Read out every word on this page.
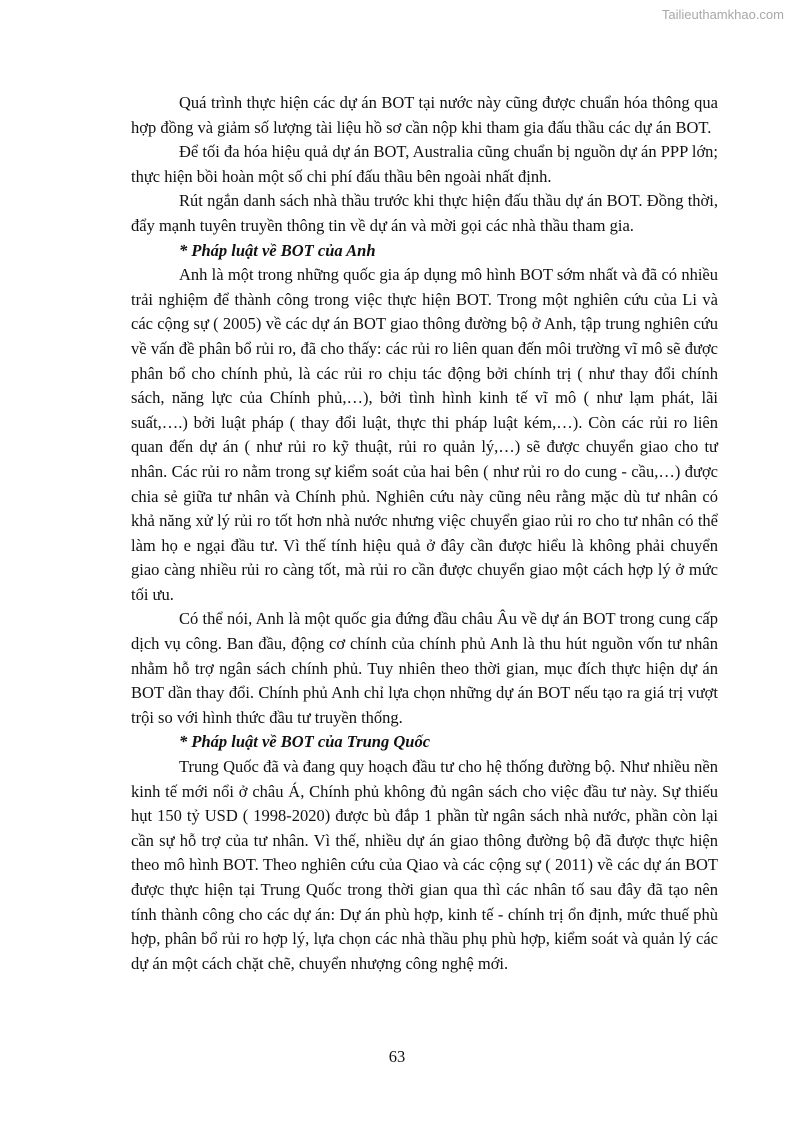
Tailieuthamkhao.com

Quá trình thực hiện các dự án BOT tại nước này cũng được chuẩn hóa thông qua hợp đồng và giảm số lượng tài liệu hồ sơ cần nộp khi tham gia đấu thầu các dự án BOT.

Để tối đa hóa hiệu quả dự án BOT, Australia cũng chuẩn bị nguồn dự án PPP lớn; thực hiện bồi hoàn một số chi phí đấu thầu bên ngoài nhất định.

Rút ngắn danh sách nhà thầu trước khi thực hiện đấu thầu dự án BOT. Đồng thời, đẩy mạnh tuyên truyền thông tin về dự án và mời gọi các nhà thầu tham gia.

* Pháp luật về BOT của Anh

Anh là một trong những quốc gia áp dụng mô hình BOT sớm nhất và đã có nhiều trải nghiệm để thành công trong việc thực hiện BOT. Trong một nghiên cứu của Li và các cộng sự ( 2005) về các dự án BOT giao thông đường bộ ở Anh, tập trung nghiên cứu về vấn đề phân bổ rủi ro, đã cho thấy: các rủi ro liên quan đến môi trường vĩ mô sẽ được phân bổ cho chính phủ, là các rủi ro chịu tác động bởi chính trị ( như thay đổi chính sách, năng lực của Chính phủ,…), bởi tình hình kinh tế vĩ mô ( như lạm phát, lãi suất,….) bởi luật pháp ( thay đổi luật, thực thi pháp luật kém,…). Còn các rủi ro liên quan đến dự án ( như rủi ro kỹ thuật, rủi ro quản lý,…) sẽ được chuyển giao cho tư nhân. Các rủi ro nằm trong sự kiểm soát của hai bên ( như rủi ro do cung - cầu,…) được chia sẻ giữa tư nhân và Chính phủ. Nghiên cứu này cũng nêu rằng mặc dù tư nhân có khả năng xử lý rủi ro tốt hơn nhà nước nhưng việc chuyển giao rủi ro cho tư nhân có thể làm họ e ngại đầu tư. Vì thế tính hiệu quả ở đây cần được hiểu là không phải chuyển giao càng nhiều rủi ro càng tốt, mà rủi ro cần được chuyển giao một cách hợp lý ở mức tối ưu.

Có thể nói, Anh là một quốc gia đứng đầu châu Âu về dự án BOT trong cung cấp dịch vụ công. Ban đầu, động cơ chính của chính phủ Anh là thu hút nguồn vốn tư nhân nhằm hỗ trợ ngân sách chính phủ. Tuy nhiên theo thời gian, mục đích thực hiện dự án BOT dần thay đổi. Chính phủ Anh chỉ lựa chọn những dự án BOT nếu tạo ra giá trị vượt trội so với hình thức đầu tư truyền thống.

* Pháp luật về BOT của Trung Quốc

Trung Quốc đã và đang quy hoạch đầu tư cho hệ thống đường bộ. Như nhiều nền kinh tế mới nổi ở châu Á, Chính phủ không đủ ngân sách cho việc đầu tư này. Sự thiếu hụt 150 tỷ USD ( 1998-2020) được bù đắp 1 phần từ ngân sách nhà nước, phần còn lại cần sự hỗ trợ của tư nhân. Vì thế, nhiều dự án giao thông đường bộ đã được thực hiện theo mô hình BOT. Theo nghiên cứu của Qiao và các cộng sự ( 2011) về các dự án BOT được thực hiện tại Trung Quốc trong thời gian qua thì các nhân tố sau đây đã tạo nên tính thành công cho các dự án: Dự án phù hợp, kinh tế - chính trị ổn định, mức thuế phù hợp, phân bổ rủi ro hợp lý, lựa chọn các nhà thầu phụ phù hợp, kiểm soát và quản lý các dự án một cách chặt chẽ, chuyển nhượng công nghệ mới.

63
